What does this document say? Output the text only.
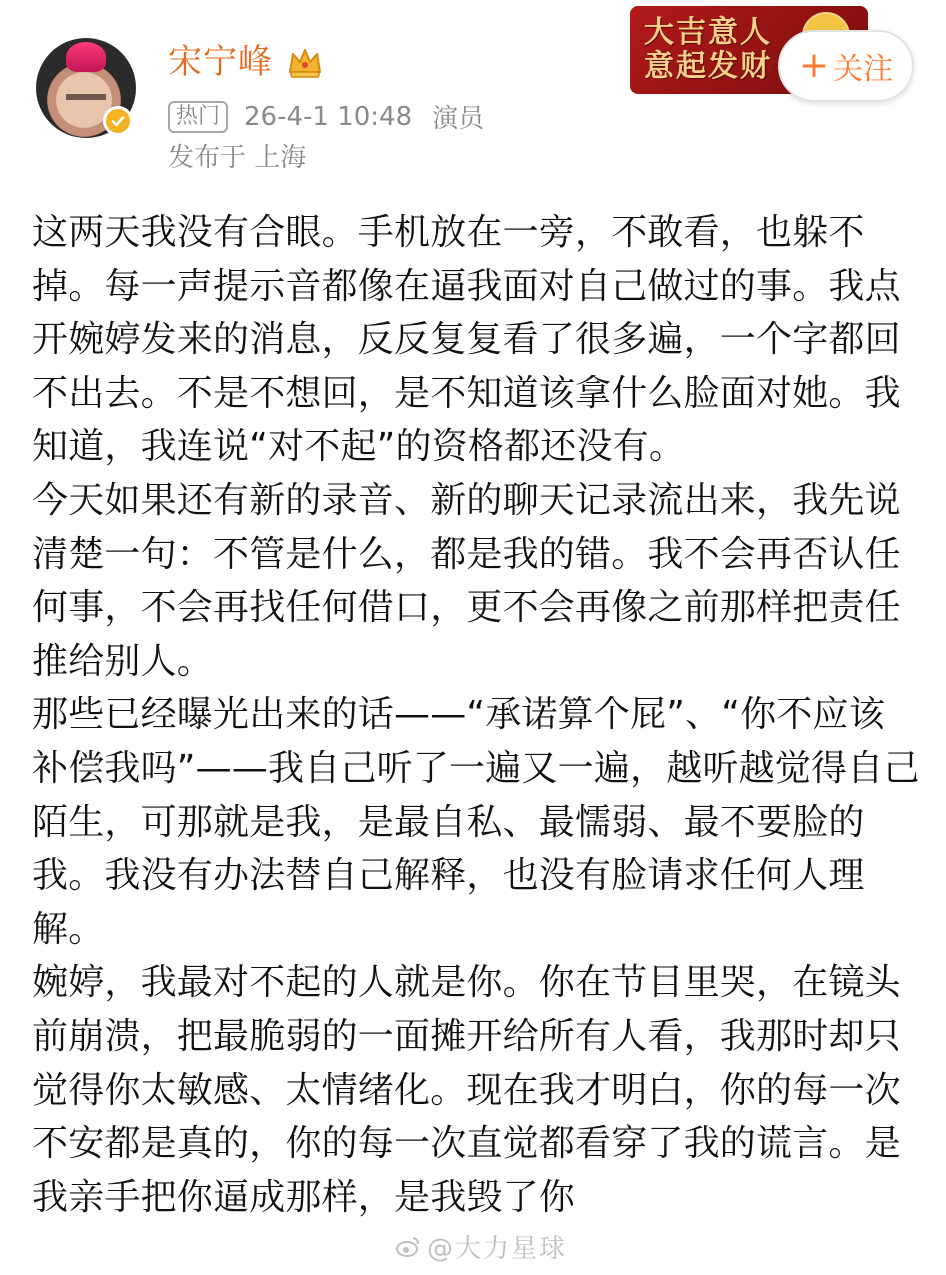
宋宁峰
热门 26-4-1 10:48 演员
发布于 上海
大吉意人
意起发财 + 关注
这两天我没有合眼。手机放在一旁，不敢看，也躲不掉。每一声提示音都像在逼我面对自己做过的事。我点开婉婷发来的消息，反反复复看了很多遍，一个字都回不出去。不是不想回，是不知道该拿什么脸面对她。我知道，我连说“对不起”的资格都还没有。
今天如果还有新的录音、新的聊天记录流出来，我先说清楚一句：不管是什么，都是我的错。我不会再否认任何事，不会再找任何借口，更不会再像之前那样把责任推给别人。
那些已经曝光出来的话——“承诺算个屁”、“你不应该补偿我吗”——我自己听了一遍又一遍，越听越觉得自己陌生，可那就是我，是最自私、最懦弱、最不要脸的我。我没有办法替自己解释，也没有脸请求任何人理解。
婉婷，我最对不起的人就是你。你在节目里哭，在镜头前崩溃，把最脆弱的一面摊开给所有人看，我那时却只觉得你太敏感、太情绪化。现在我才明白，你的每一次不安都是真的，你的每一次直觉都看穿了我的谎言。是我亲手把你逼成那样，是我毁了你
@大力星球
